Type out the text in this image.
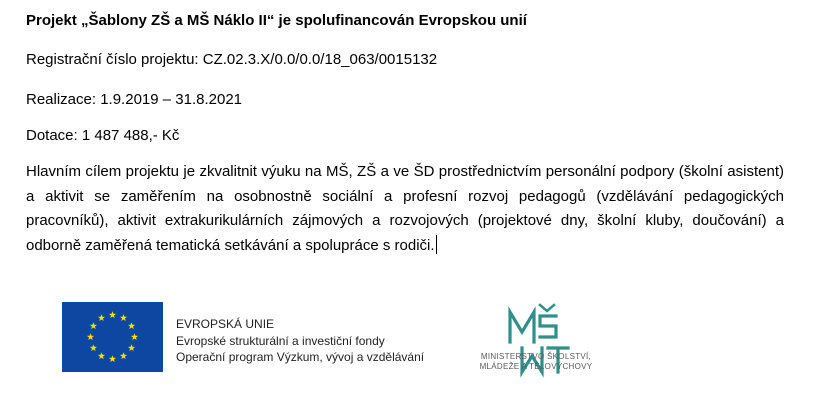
Projekt „Šablony ZŠ a MŠ Náklo II“ je spolufinancován Evropskou unií
Registrační číslo projektu: CZ.02.3.X/0.0/0.0/18_063/0015132
Realizace: 1.9.2019 – 31.8.2021
Dotace: 1 487 488,- Kč
Hlavním cílem projektu je zkvalitnit výuku na MŠ, ZŠ a ve ŠD prostřednictvím personální podpory (školní asistent) a aktivit se zaměřením na osobnostně sociální a profesní rozvoj pedagogů (vzdělávání pedagogických pracovníků), aktivit extrakurikulárních zájmových a rozvojových (projektové dny, školní kluby, doučování) a odborně zaměřená tematická setkávání a spolupráce s rodiči.
EVROPSKÁ UNIE
Evropské strukturální a investiční fondy
Operační program Výzkum, vývoj a vzdělávání	MINISTERSTVO ŠKOLSTVÍ,
MLÁDEŽE A TĚLOVÝCHOVY
